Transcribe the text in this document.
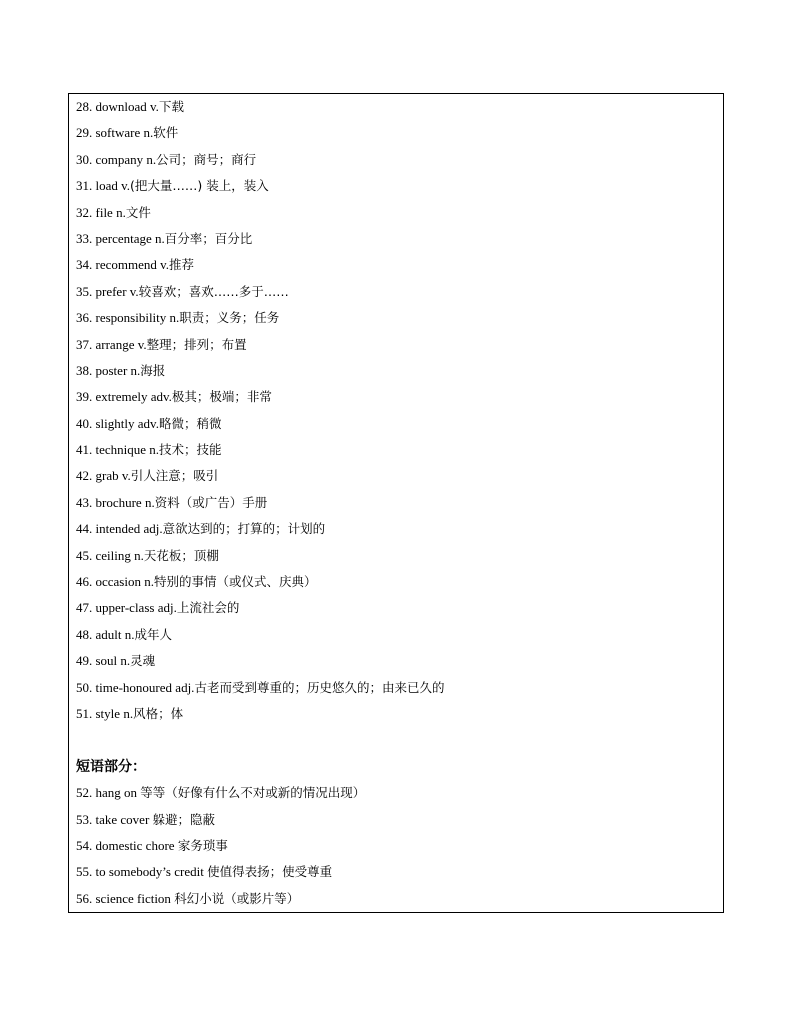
28. download v.下载
29. software n.软件
30. company n.公司；商号；商行
31. load v.(把大量……) 装上，装入
32. file n.文件
33. percentage n.百分率；百分比
34. recommend v.推荐
35. prefer v.较喜欢；喜欢……多于……
36. responsibility n.职责；义务；任务
37. arrange v.整理；排列；布置
38. poster n.海报
39. extremely adv.极其；极端；非常
40. slightly adv.略微；稍微
41. technique n.技术；技能
42. grab v.引人注意；吸引
43. brochure n.资料（或广告）手册
44. intended adj.意欲达到的；打算的；计划的
45. ceiling n.天花板；顶棚
46. occasion n.特别的事情（或仪式、庆典）
47. upper-class adj.上流社会的
48. adult n.成年人
49. soul n.灵魂
50. time-honoured adj.古老而受到尊重的；历史悠久的；由来已久的
51. style n.风格；体
短语部分：
52. hang on 等等（好像有什么不对或新的情况出现）
53. take cover 躲避；隐蔽
54. domestic chore 家务琐事
55. to somebody’s credit 使值得表扬；使受尊重
56. science fiction 科幻小说（或影片等）
